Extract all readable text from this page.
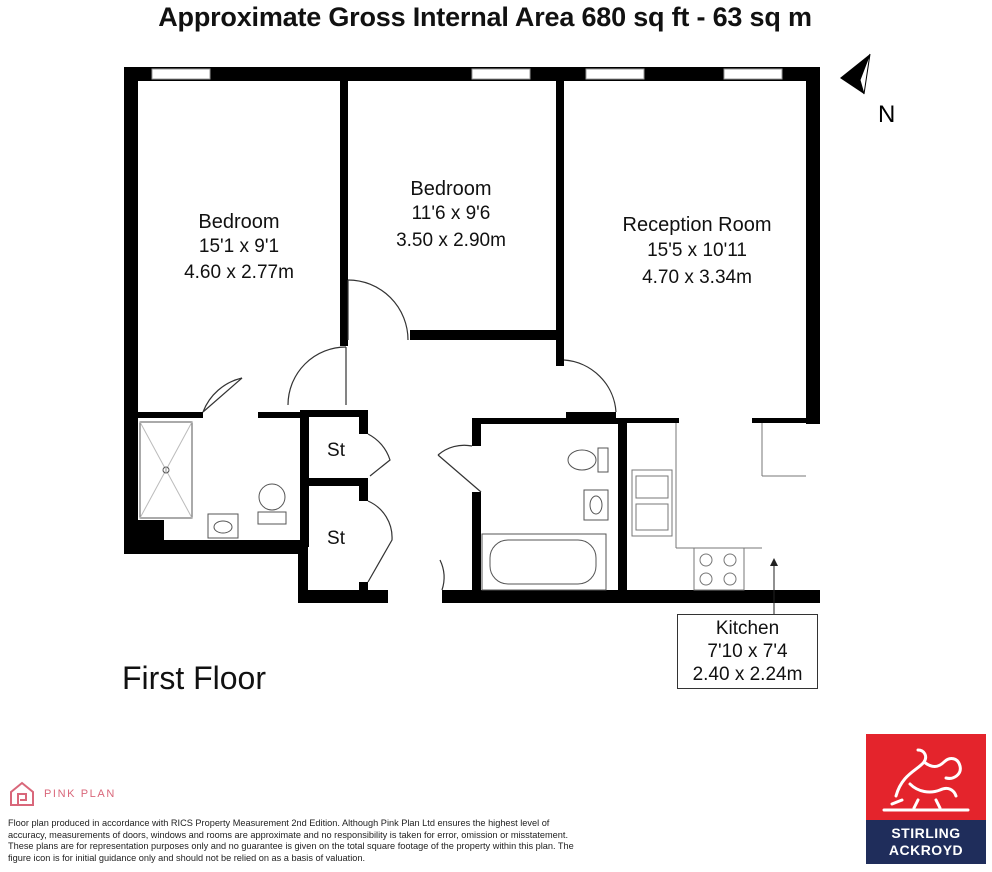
Approximate Gross Internal Area 680 sq ft - 63 sq m
Bedroom
15'1 x 9'1
4.60 x 2.77m
Bedroom
11'6 x 9'6
3.50 x 2.90m
Reception Room
15'5 x 10'11
4.70 x 3.34m
St
St
N
Kitchen
7'10 x 7'4
2.40 x 2.24m
First Floor
PINK PLAN
Floor plan produced in accordance with RICS Property Measurement 2nd Edition. Although Pink Plan Ltd ensures the highest level of accuracy, measurements of doors, windows and rooms are approximate and no responsibility is taken for error, omission or misstatement. These plans are for representation purposes only and no guarantee is given on the total square footage of the property within this plan. The figure icon is for initial guidance only and should not be relied on as a basis of valuation.
STIRLING
ACKROYD
